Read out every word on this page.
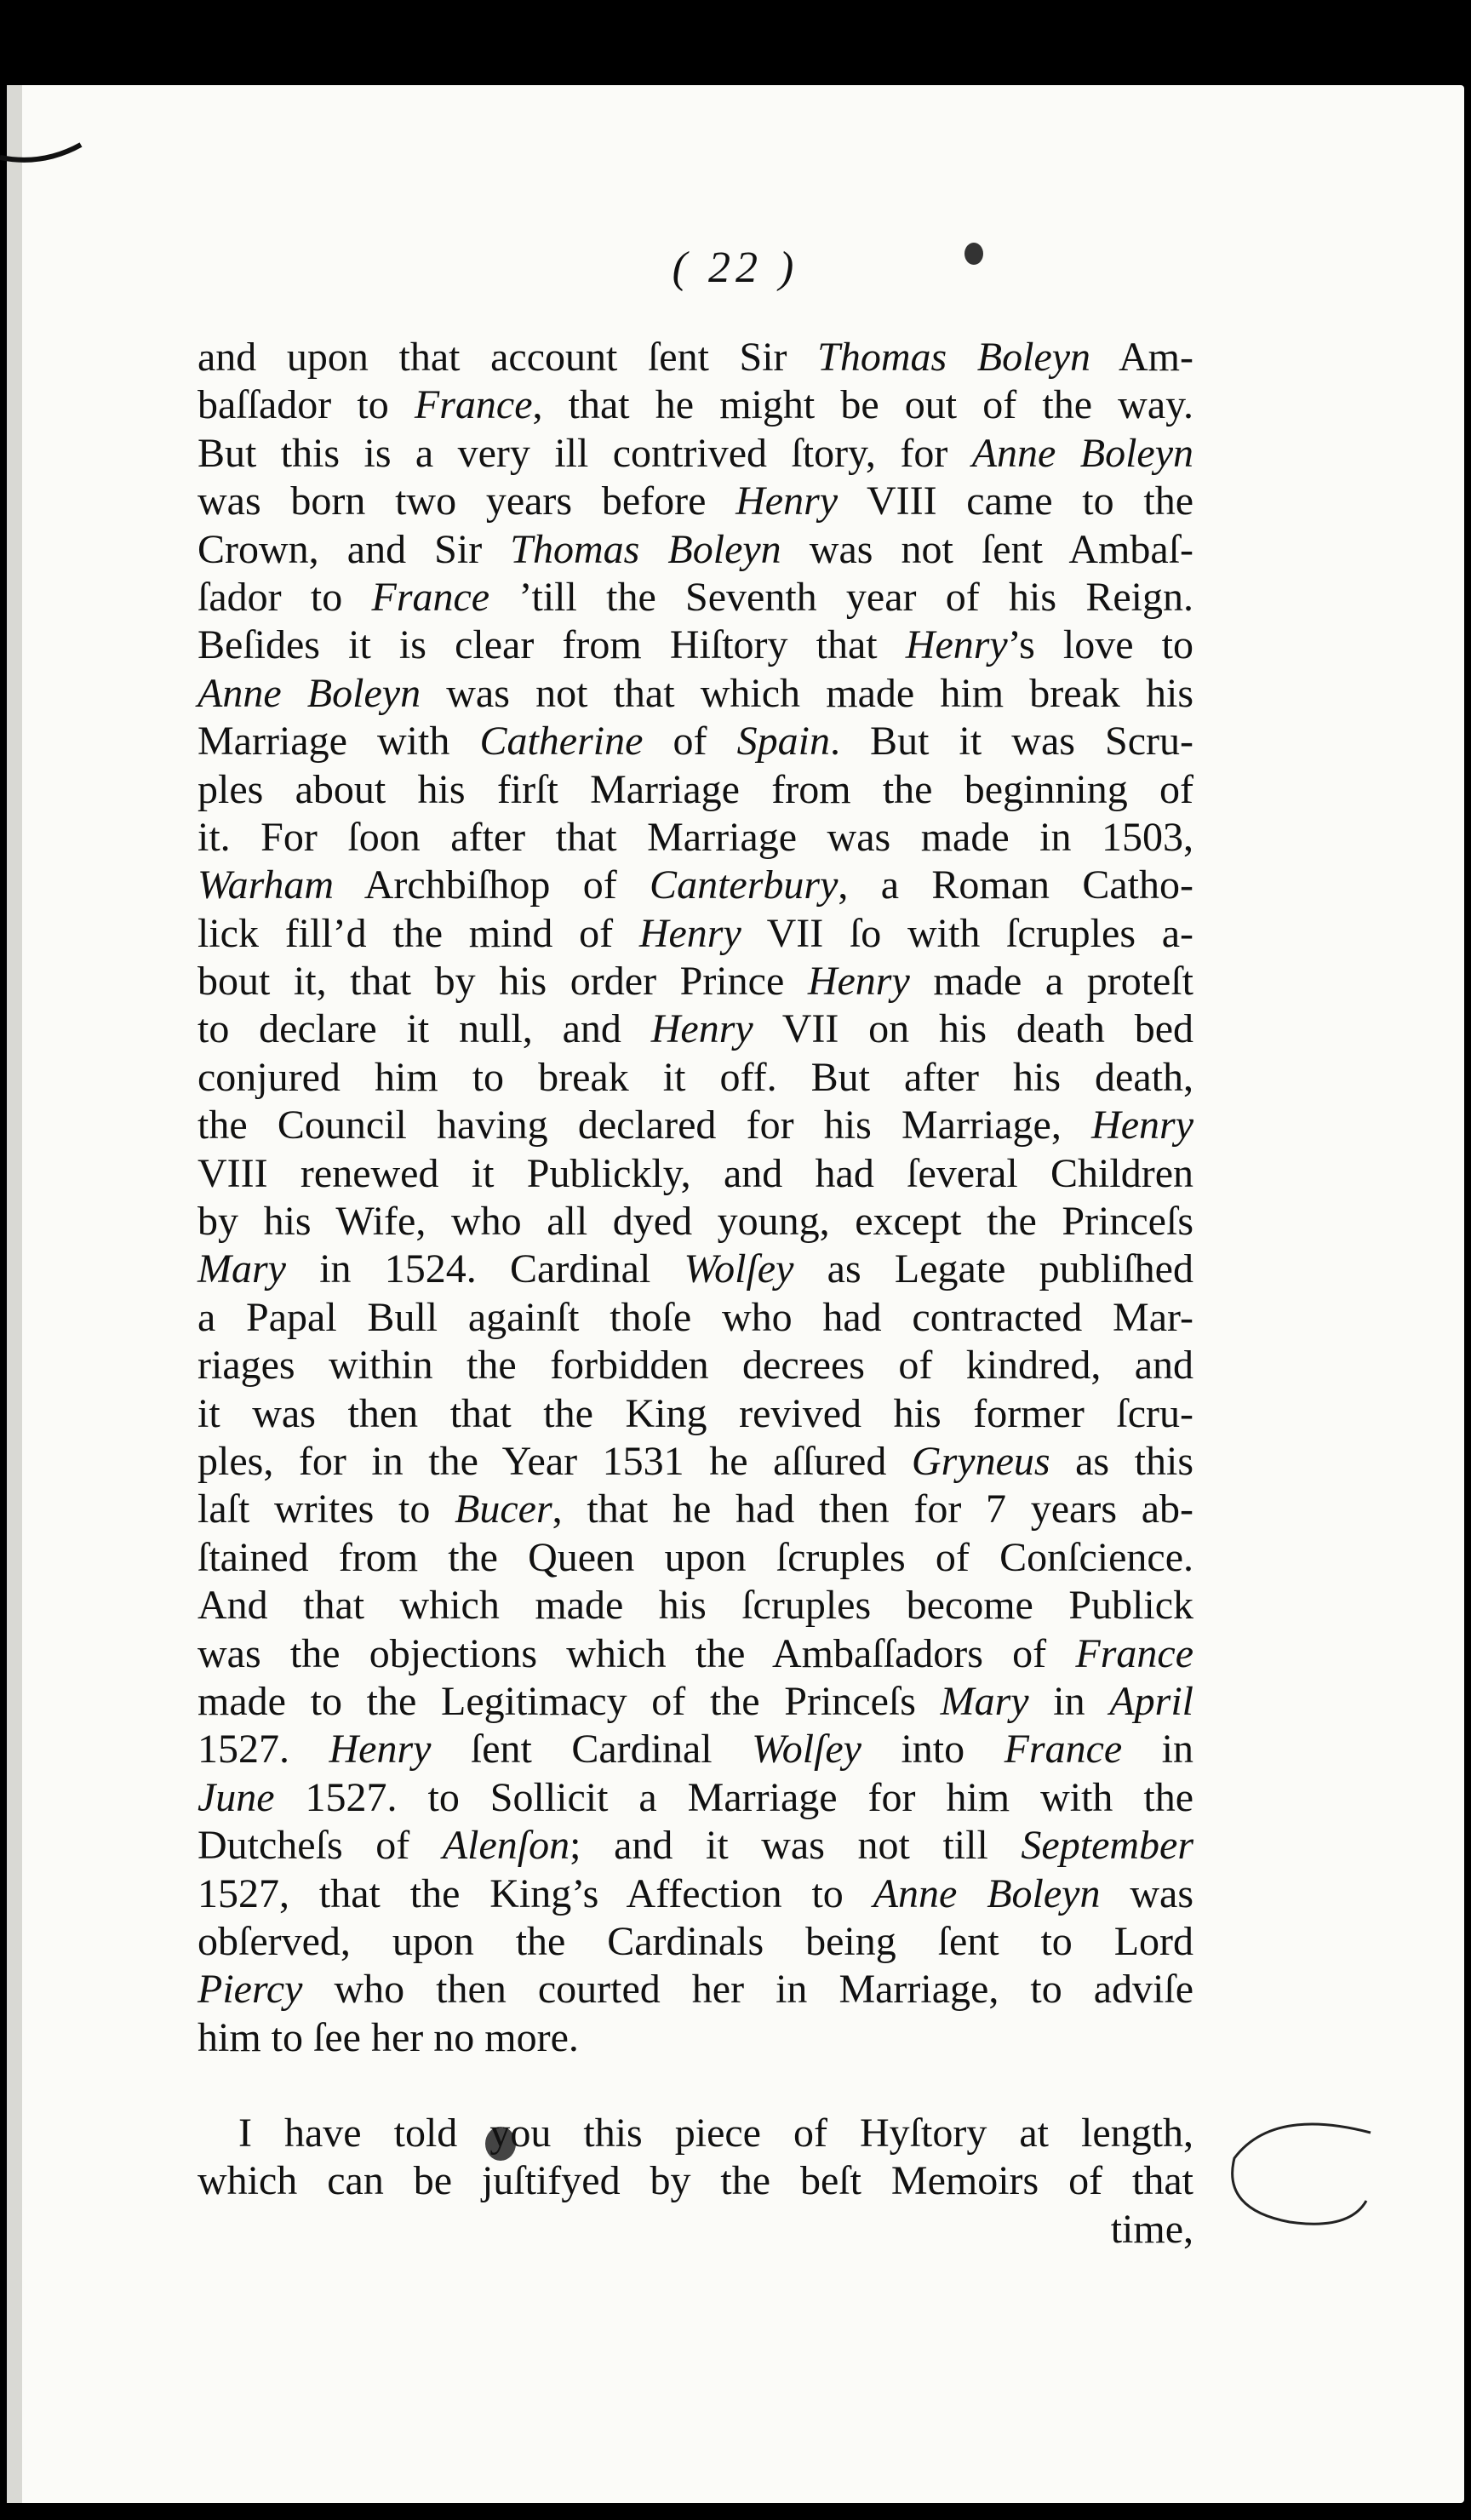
( 22 )
and upon that account ſent Sir Thomas Boleyn Am-
baſſador to France, that he might be out of the way.
But this is a very ill contrived ſtory, for Anne Boleyn
was born two years before Henry VIII came to the
Crown, and Sir Thomas Boleyn was not ſent Ambaſ-
ſador to France ’till the Seventh year of his Reign.
Beſides it is clear from Hiſtory that Henry’s love to
Anne Boleyn was not that which made him break his
Marriage with Catherine of Spain. But it was Scru-
ples about his firſt Marriage from the beginning of
it. For ſoon after that Marriage was made in 1503,
Warham Archbiſhop of Canterbury, a Roman Catho-
lick fill’d the mind of Henry VII ſo with ſcruples a-
bout it, that by his order Prince Henry made a proteſt
to declare it null, and Henry VII on his death bed
conjured him to break it off. But after his death,
the Council having declared for his Marriage, Henry
VIII renewed it Publickly, and had ſeveral Children
by his Wife, who all dyed young, except the Princeſs
Mary in 1524. Cardinal Wolſey as Legate publiſhed
a Papal Bull againſt thoſe who had contracted Mar-
riages within the forbidden decrees of kindred, and
it was then that the King revived his former ſcru-
ples, for in the Year 1531 he aſſured Gryneus as this
laſt writes to Bucer, that he had then for 7 years ab-
ſtained from the Queen upon ſcruples of Conſcience.
And that which made his ſcruples become Publick
was the objections which the Ambaſſadors of France
made to the Legitimacy of the Princeſs Mary in April
1527. Henry ſent Cardinal Wolſey into France in
June 1527. to Sollicit a Marriage for him with the
Dutcheſs of Alenſon; and it was not till September
1527, that the King’s Affection to Anne Boleyn was
obſerved, upon the Cardinals being ſent to Lord
Piercy who then courted her in Marriage, to adviſe
him to ſee her no more.
I have told you this piece of Hyſtory at length,
which can be juſtifyed by the beſt Memoirs of that
time,
